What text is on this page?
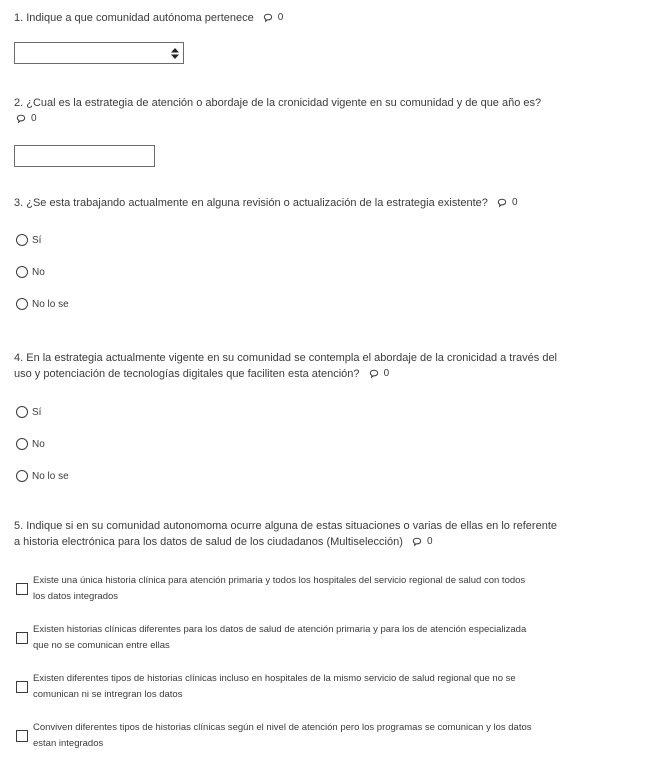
1. Indique a que comunidad autónoma pertenece 0
2. ¿Cual es la estrategia de atención o abordaje de la cronicidad vigente en su comunidad y de que año es?

0
3. ¿Se esta trabajando actualmente en alguna revisión o actualización de la estrategia existente? 0
Sí
No
No lo se
4. En la estrategia actualmente vigente en su comunidad se contempla el abordaje de la cronicidad a través del
uso y potenciación de tecnologías digitales que faciliten esta atención? 0
Sí
No
No lo se
5. Indique si en su comunidad autonomoma ocurre alguna de estas situaciones o varias de ellas en lo referente
a historia electrónica para los datos de salud de los ciudadanos (Multiselección) 0
Existe una única historia clínica para atención primaria y todos los hospitales del servicio regional de salud con todos
los datos integrados
Existen historias clínicas diferentes para los datos de salud de atención primaria y para los de atención especializada
que no se comunican entre ellas
Existen diferentes tipos de historias clínicas incluso en hospitales de la mismo servicio de salud regional que no se
comunican ni se intregran los datos
Conviven diferentes tipos de historias clínicas según el nivel de atención pero los programas se comunican y los datos
estan integrados
